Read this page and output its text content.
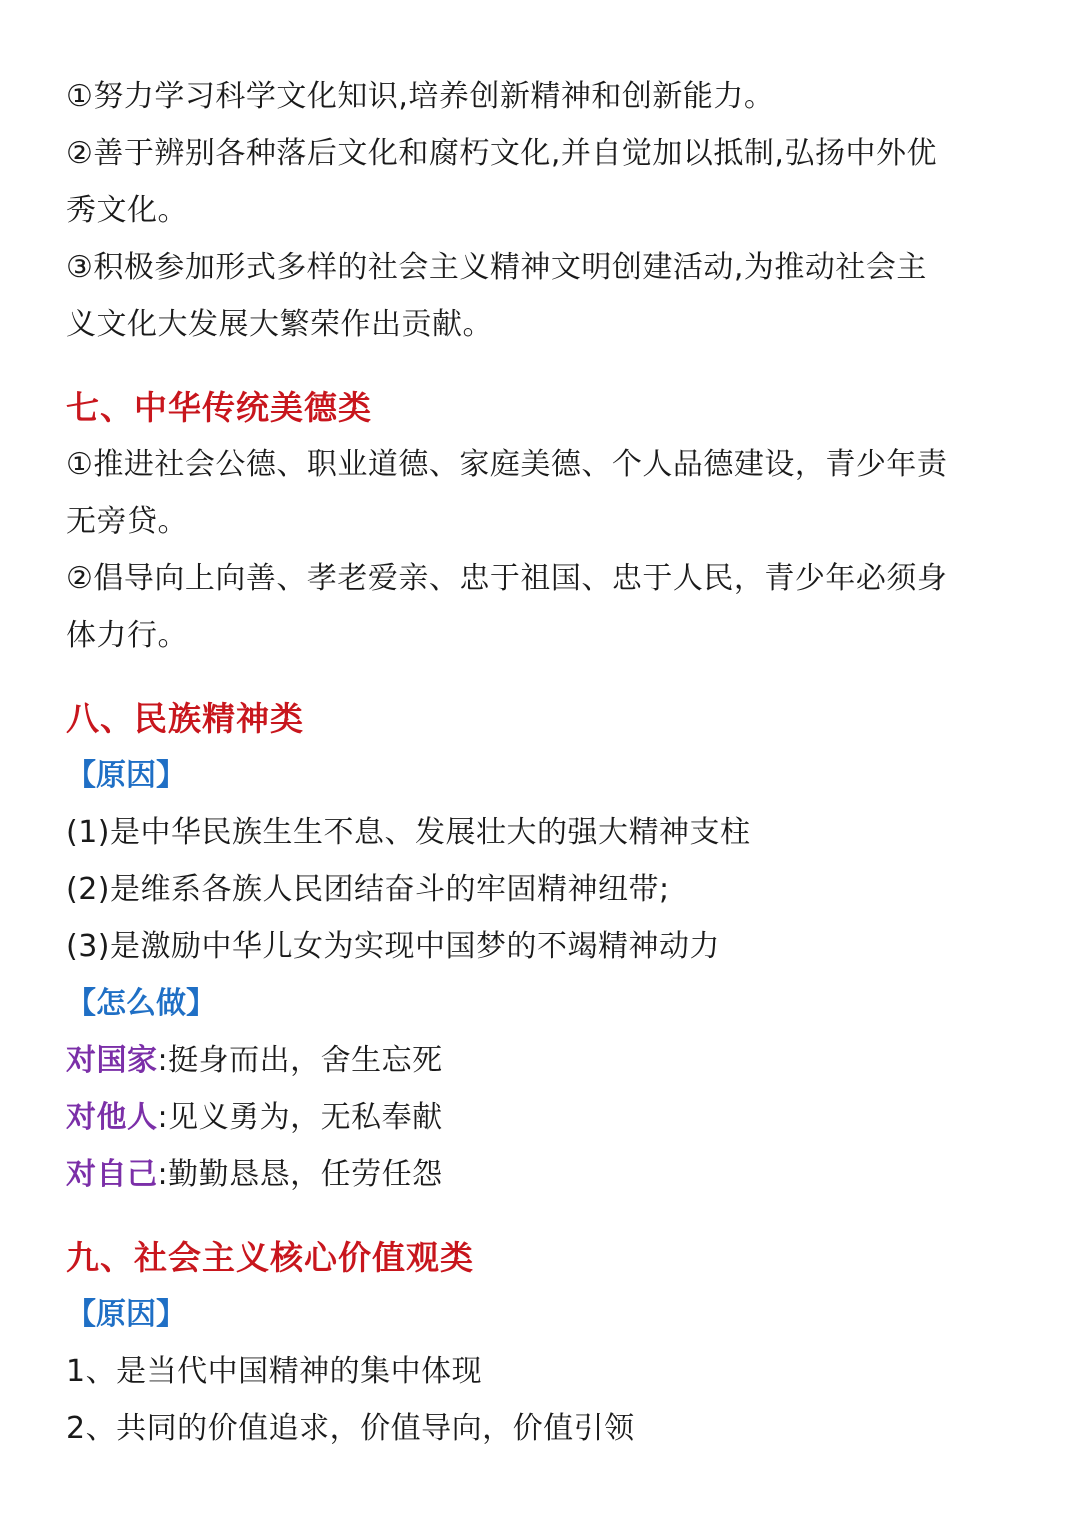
①努力学习科学文化知识,培养创新精神和创新能力。

②善于辨别各种落后文化和腐朽文化,并自觉加以抵制,弘扬中外优

秀文化。

③积极参加形式多样的社会主义精神文明创建活动,为推动社会主

义文化大发展大繁荣作出贡献。

七、中华传统美德类

①推进社会公德、职业道德、家庭美德、个人品德建设，青少年责

无旁贷。

②倡导向上向善、孝老爱亲、忠于祖国、忠于人民，青少年必须身

体力行。

八、民族精神类

【原因】

(1)是中华民族生生不息、发展壮大的强大精神支柱

(2)是维系各族人民团结奋斗的牢固精神纽带;

(3)是激励中华儿女为实现中国梦的不竭精神动力

【怎么做】

对国家:挺身而出，舍生忘死

对他人:见义勇为，无私奉献

对自己:勤勤恳恳，任劳任怨

九、社会主义核心价值观类

【原因】

1、是当代中国精神的集中体现

2、共同的价值追求，价值导向，价值引领
